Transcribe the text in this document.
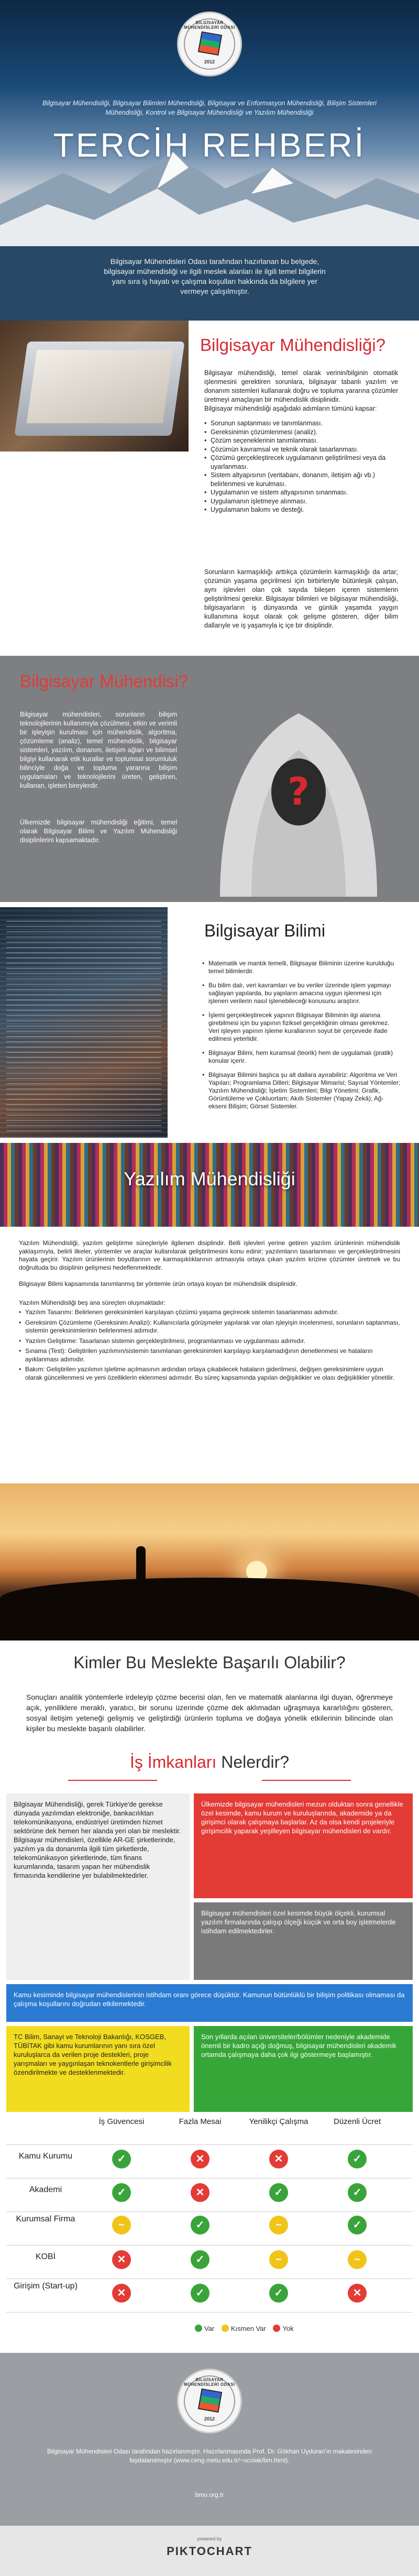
BİLGİSAYAR MÜHENDİSLERİ ODASI
2012
Bilgisayar Mühendisliği, Bilgisayar Bilimleri Mühendisliği, Bilgisayar ve Enformasyon Mühendisliği, Bilişim Sistemleri Mühendisliği, Kontrol ve Bilgisayar Mühendisliği ve Yazılım Mühendisliği
TERCİH REHBERİ

Bilgisayar Mühendisleri Odası tarafından hazırlanan bu belgede, bilgisayar mühendisliği ve ilgili meslek alanları ile ilgili temel bilgilerin yanı sıra iş hayatı ve çalışma koşulları hakkında da bilgilere yer vermeye çalışılmıştır.

Bilgisayar Mühendisliği?

Bilgisayar mühendisliği, temel olarak verinin/bilginin otomatik işlenmesini gerektiren sorunlara, bilgisayar tabanlı yazılım ve donanım sistemleri kullanarak doğru ve topluma yararına çözümler üretmeyi amaçlayan bir mühendislik disiplinidir.

Bilgisayar mühendisliği aşağıdaki adımların tümünü kapsar:

• Sorunun saptanması ve tanımlanması.
• Gereksinimin çözümlenmesi (analiz).
• Çözüm seçeneklerinin tanımlanması.
• Çözümün kavramsal ve teknik olarak tasarlanması.
• Çözümü gerçekleştirecek uygulamanın geliştirilmesi veya da uyarlanması.
• Sistem altyapısının (veritabanı, donanım, iletişim ağı vb.) belirlenmesi ve kurulması.
• Uygulamanın ve sistem altyapısının sınanması.
• Uygulamanın işletmeye alınması.
• Uygulamanın bakımı ve desteği.

Sorunların karmaşıklığı arttıkça çözümlerin karmaşıklığı da artar; çözümün yaşama geçirilmesi için birbirleriyle bütünleşik çalışan, aynı işlevleri olan çok sayıda bileşen içeren sistemlerin geliştirilmesi gerekir. Bilgisayar bilimleri ve bilgisayar mühendisliği, bilgisayarların iş dünyasında ve günlük yaşamda yaygın kullanımına koşut olarak çok gelişme gösteren, diğer bilim dallarıyle ve iş yaşamıyla iç içe bir disiplindir.

Bilgisayar Mühendisi?

Bilgisayar mühendisleri, sorunların bilişim teknolojilerinin kullanımıyla çözülmesi, etkin ve verimli bir işleyişin kurulması için mühendislik, algoritma, çözümleme (analiz), temel mühendislik, bilgisayar sistemleri, yazılım, donanım, iletişim ağları ve bilimsel bilgiyi kullanarak etik kurallar ve toplumsal sorumluluk bilinciyle doğa ve topluma yararına bilişim uygulamaları ve teknolojilerini üreten, geliştiren, kullanan, işleten bireylerdir.

Ülkemizde bilgisayar mühendisliği eğitimi, temel olarak Bilgisayar Bilimi ve Yazılım Mühendisliği disiplinlerini kapsamaktadır.

?
Bilgisayar Bilimi
• Matematik ve mantık temelli, Bilgisayar Biliminin üzerine kurulduğu temel bilimlerdir.
• Bu bilim dalı, veri kavramları ve bu veriler üzerinde işlem yapmayı sağlayan yapılarda, bu yapıların amacına uygun işlenmesi için işlenen verilerin nasıl işlenebileceği konusunu araştırır.
• İşlemi gerçekleştirecek yapının Bilgisayar Biliminin ilgi alanına girebilmesi için bu yapının fiziksel gerçekliğinin olması gerekmez. Veri işleyen yapının işleme kurallarının soyut bir çerçevede ifade edilmesi yeterlidir.
• Bilgisayar Bilimi, hem kuramsal (teorik) hem de uygulamalı (pratik) konular içerir.
• Bilgisayar Bilimini başlıca şu alt dallara ayırabiliriz: Algoritma ve Veri Yapıları; Programlama Dilleri; Bilgisayar Mimarisi; Sayısal Yöntemler; Yazılım Mühendisliği; İşletim Sistemleri; Bilgi Yönetimi; Grafik, Görüntüleme ve Çokluortam; Akıllı Sistemler (Yapay Zekâ); Ağ-ekseni Bilişim; Görsel Sistemler.
Yazılım Mühendisliği

Yazılım Mühendisliği, yazılım geliştirme süreçleriyle ilgilenen disiplindir. Belli işlevleri yerine getiren yazılım ürünlerinin mühendislik yaklaşımıyla, belirli ilkeler, yöntemler ve araçlar kullanılarak geliştirilmesini konu edinir; yazılımların tasarlanması ve gerçekleştirilmesini hayata geçirir. Yazılım ürünlerinin boyutlarının ve karmaşıklıklarının artmasıyla ortaya çıkan yazılım krizine çözümler üretmek ve bu doğrultuda bu disiplinin gelişmesi hedeflenmektedir.

Bilgisayar Bilimi kapsamında tanımlanmış bir yöntemle ürün ortaya koyan bir mühendislik disiplinidir.

Yazılım Mühendisliği beş ana süreçten oluşmaktadır:

• Yazılım Tasarımı: Belirlenen gereksinimleri karşılayan çözümü yaşama geçirecek sistemin tasarlanması adımıdır.
• Gereksinim Çözümleme (Gereksinim Analizi): Kullanıcılarla görüşmeler yapılarak var olan işleyişin incelenmesi, sorunların saptanması, sistemin gereksinimlerinin belirlenmesi adımıdır.
• Yazılım Geliştirme: Tasarlanan sistemin gerçekleştirilmesi, programlanması ve uygulanması adımıdır.
• Sınama (Test): Geliştirilen yazılımın/sistemin tanımlanan gereksinimleri karşılayıp karşılamadığının denetlenmesi ve hataların ayıklanması adımıdır.
• Bakım: Geliştirilen yazılımın işletime açılmasının ardından ortaya çıkabilecek hataların giderilmesi, değişen gereksinimlere uygun olarak güncellenmesi ve yeni özelliklerin eklenmesi adımıdır. Bu süreç kapsamında yapılan değişiklikler ve olası değişiklikler yönetilir.
Kimler Bu Meslekte Başarılı Olabilir?

Sonuçları analitik yöntemlerle irdeleyip çözme becerisi olan, fen ve matematik alanlarına ilgi duyan, öğrenmeye açık, yeniliklere meraklı, yaratıcı, bir sorunu üzerinde çözme dek aklımadan uğraşmaya kararlılığını gösteren, sosyal iletişim yeteneği gelişmiş ve geliştirdiği ürünlerin topluma ve doğaya yönelik etkilerinin bilincinde olan kişiler bu meslekte başarılı olabilirler.

İş İmkanları Nelerdir?
Bilgisayar Mühendisliği, gerek Türkiye'de gerekse dünyada yazılımdan elektroniğe, bankacılıktan telekomünikasyona, endüstriyel üretimden hizmet sektörüne dek hemen her alanda yeri olan bir meslektir. Bilgisayar mühendisleri, özellikle AR-GE şirketlerinde, yazılım ya da donanımla ilgili tüm şirketlerde, telekomünikasyon şirketlerinde, tüm finans kurumlarında, tasarım yapan her mühendislik firmasında kendilerine yer bulabilmektedirler.
Ülkemizde bilgisayar mühendisleri mezun olduktan sonra genellikle özel kesimde, kamu kurum ve kuruluşlarında, akademide ya da girişimci olarak çalışmaya başlarlar. Az da olsa kendi projeleriyle girişimcilik yaparak yeşilleyen bilgisayar mühendisleri de vardır.
Bilgisayar mühendisleri özel kesimde büyük ölçekli, kurumsal yazılım firmalarında çalışıp ölçeği küçük ve orta boy işletmelerde istihdam edilmektedirler.
Kamu kesiminde bilgisayar mühendislerinin istihdam oranı görece düşüktür. Kamunun bütünlüklü bir bilişim politikası olmaması da çalışma koşullarını doğrudan etkilemektedir.
TC Bilim, Sanayi ve Teknoloji Bakanlığı, KOSGEB, TÜBİTAK gibi kamu kurumlarının yanı sıra özel kuruluşlarca da verilen proje destekleri, proje yarışmaları ve yaygınlaşan teknokentlerle girişimcilik özendirilmekte ve desteklenmektedir.
Son yıllarda açılan üniversiteler/bölümler nedeniyle akademide önemli bir kadro açığı doğmuş, bilgisayar mühendisleri akademik ortamda çalışmaya daha çok ilgi göstermeye başlamıştır.
İş Güvencesi	Fazla Mesai	Yenilikçi Çalışma	Düzenli Ücret
Kamu Kurumu
Akademi
Kurumsal Firma
KOBİ
Girişim (Start-up)
Var Kısmen Var Yok
✓	✕	✕	✓
✓	✕	✓	✓
~	✓	~	✓
✕	✓	~	~
✕	✓	✓	✕
BİLGİSAYAR MÜHENDİSLERİ ODASI
2012
Bilgisayar Mühendisleri Odası tarafından hazırlanmıştır. Hazırlanmasında Prof. Dr. Gökhan Uyduran'ın makalesinden faydalanılmıştır (www.ceng.metu.edu.tr/~ucolak/bm.html).
bmo.org.tr
powered by
PIKTOCHART
